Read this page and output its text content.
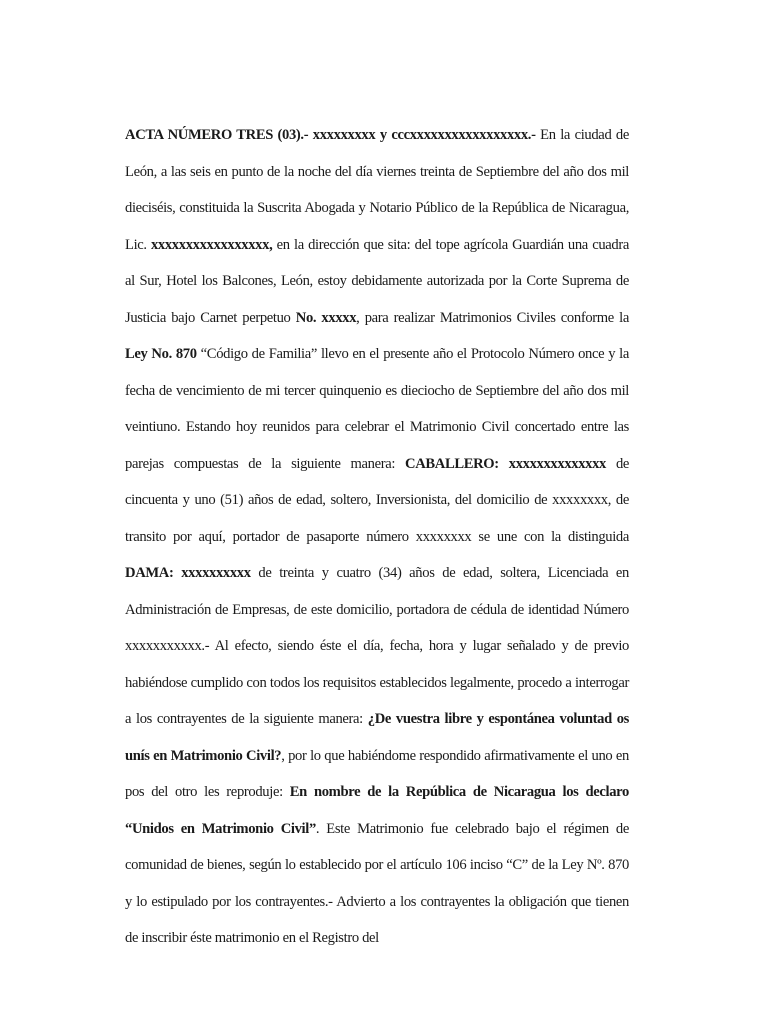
ACTA NÚMERO TRES (03).- xxxxxxxxx y cccxxxxxxxxxxxxxxxxx.- En la ciudad de León, a las seis en punto de la noche del día viernes treinta de Septiembre del año dos mil dieciséis, constituida la Suscrita Abogada y Notario Público de la República de Nicaragua, Lic. xxxxxxxxxxxxxxxxx, en la dirección que sita: del tope agrícola Guardián una cuadra al Sur, Hotel los Balcones, León, estoy debidamente autorizada por la Corte Suprema de Justicia bajo Carnet perpetuo No. xxxxx, para realizar Matrimonios Civiles conforme la Ley No. 870 “Código de Familia” llevo en el presente año el Protocolo Número once y la fecha de vencimiento de mi tercer quinquenio es dieciocho de Septiembre del año dos mil veintiuno. Estando hoy reunidos para celebrar el Matrimonio Civil concertado entre las parejas compuestas de la siguiente manera: CABALLERO: xxxxxxxxxxxxxx de cincuenta y uno (51) años de edad, soltero, Inversionista, del domicilio de xxxxxxxx, de transito por aquí, portador de pasaporte número xxxxxxxx se une con la distinguida DAMA: xxxxxxxxxx de treinta y cuatro (34) años de edad, soltera, Licenciada en Administración de Empresas, de este domicilio, portadora de cédula de identidad Número xxxxxxxxxxx.- Al efecto, siendo éste el día, fecha, hora y lugar señalado y de previo habiéndose cumplido con todos los requisitos establecidos legalmente, procedo a interrogar a los contrayentes de la siguiente manera: ¿De vuestra libre y espontánea voluntad os unís en Matrimonio Civil?, por lo que habiéndome respondido afirmativamente el uno en pos del otro les reproduje: En nombre de la República de Nicaragua los declaro “Unidos en Matrimonio Civil”. Este Matrimonio fue celebrado bajo el régimen de comunidad de bienes, según lo establecido por el artículo 106 inciso “C” de la Ley Nº. 870 y lo estipulado por los contrayentes.- Advierto a los contrayentes la obligación que tienen de inscribir éste matrimonio en el Registro del
